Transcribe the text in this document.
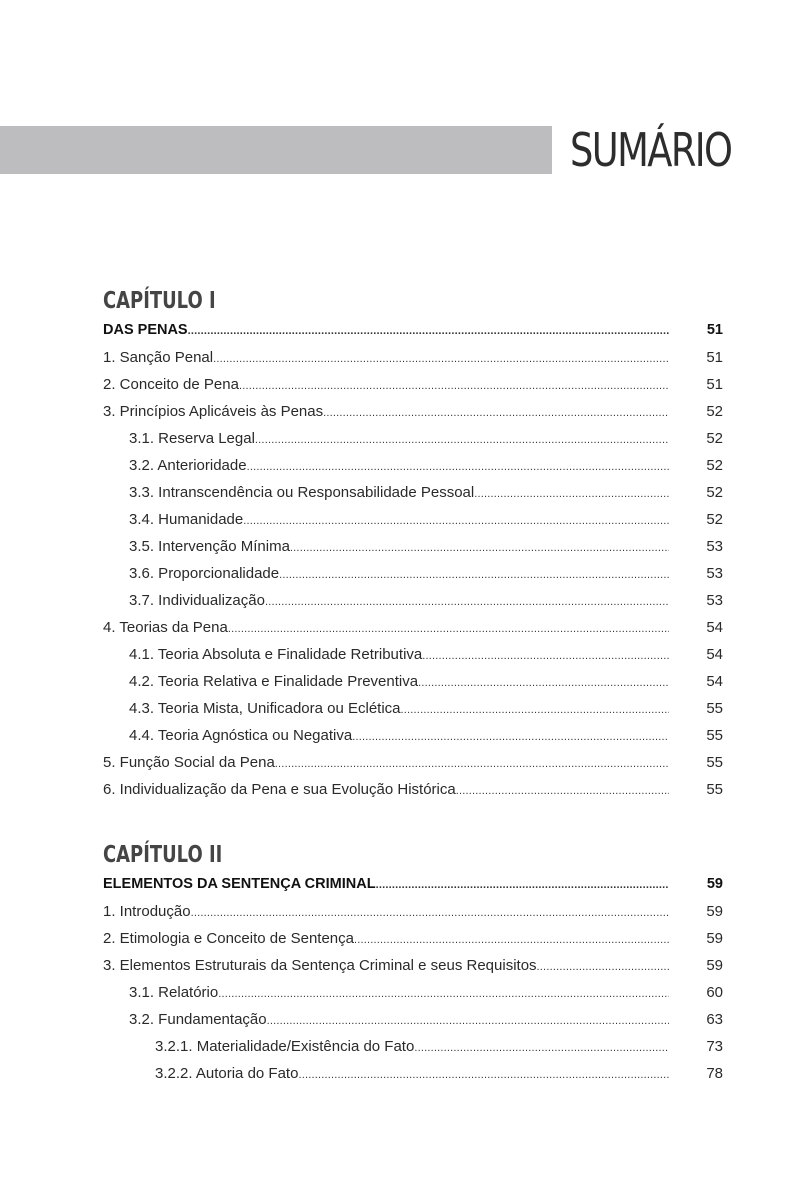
SUMÁRIO
CAPÍTULO I
DAS PENAS .....	51
1. Sanção Penal .....	51
2. Conceito de Pena .....	51
3. Princípios Aplicáveis às Penas .....	52
3.1. Reserva Legal .....	52
3.2. Anterioridade .....	52
3.3. Intranscendência ou Responsabilidade Pessoal .....	52
3.4. Humanidade .....	52
3.5. Intervenção Mínima .....	53
3.6. Proporcionalidade .....	53
3.7. Individualização .....	53
4. Teorias da Pena .....	54
4.1. Teoria Absoluta e Finalidade Retributiva .....	54
4.2. Teoria Relativa e Finalidade Preventiva .....	54
4.3. Teoria Mista, Unificadora ou Eclética .....	55
4.4. Teoria Agnóstica ou Negativa .....	55
5. Função Social da Pena .....	55
6. Individualização da Pena e sua Evolução Histórica .....	55
CAPÍTULO II
ELEMENTOS DA SENTENÇA CRIMINAL .....	59
1. Introdução .....	59
2. Etimologia e Conceito de Sentença .....	59
3. Elementos Estruturais da Sentença Criminal e seus Requisitos .....	59
3.1. Relatório .....	60
3.2. Fundamentação .....	63
3.2.1. Materialidade/Existência do Fato .....	73
3.2.2. Autoria do Fato .....	78
